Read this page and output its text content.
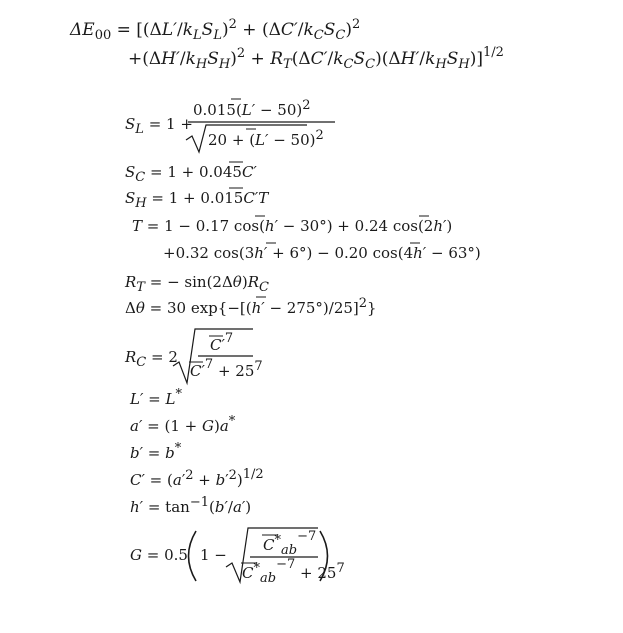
$\Delta E_{00} = [(\Delta L'/k_LS_L)^2 + (\Delta C'/k_CS_C)^2$
$+(\Delta H'/k_HS_H)^2 + R_T(\Delta C'/k_CS_C)(\Delta H'/k_HS_H)]^{1/2}$
SL = 1 +
0.015(L′ − 50)2
20 + (L′ − 50)2
SC = 1 + 0.045C′
SH = 1 + 0.015C′T
T = 1 − 0.17 cos(h′ − 30°) + 0.24 cos(2h′)
+0.32 cos(3h′ + 6°) − 0.20 cos(4h′ − 63°)
RT = − sin(2Δθ)RC
Δθ = 30 exp{−[(h′ − 275°)/25]2}
RC = 2
C′7
C′7 + 257
L′ = L*
a′ = (1 + G)a*
b′ = b*
C′ = (a′2 + b′2)1/2
h′ = tan−1(b′/a′)
G = 0.5 1 −
C*ab−7
C*ab−7 + 257
